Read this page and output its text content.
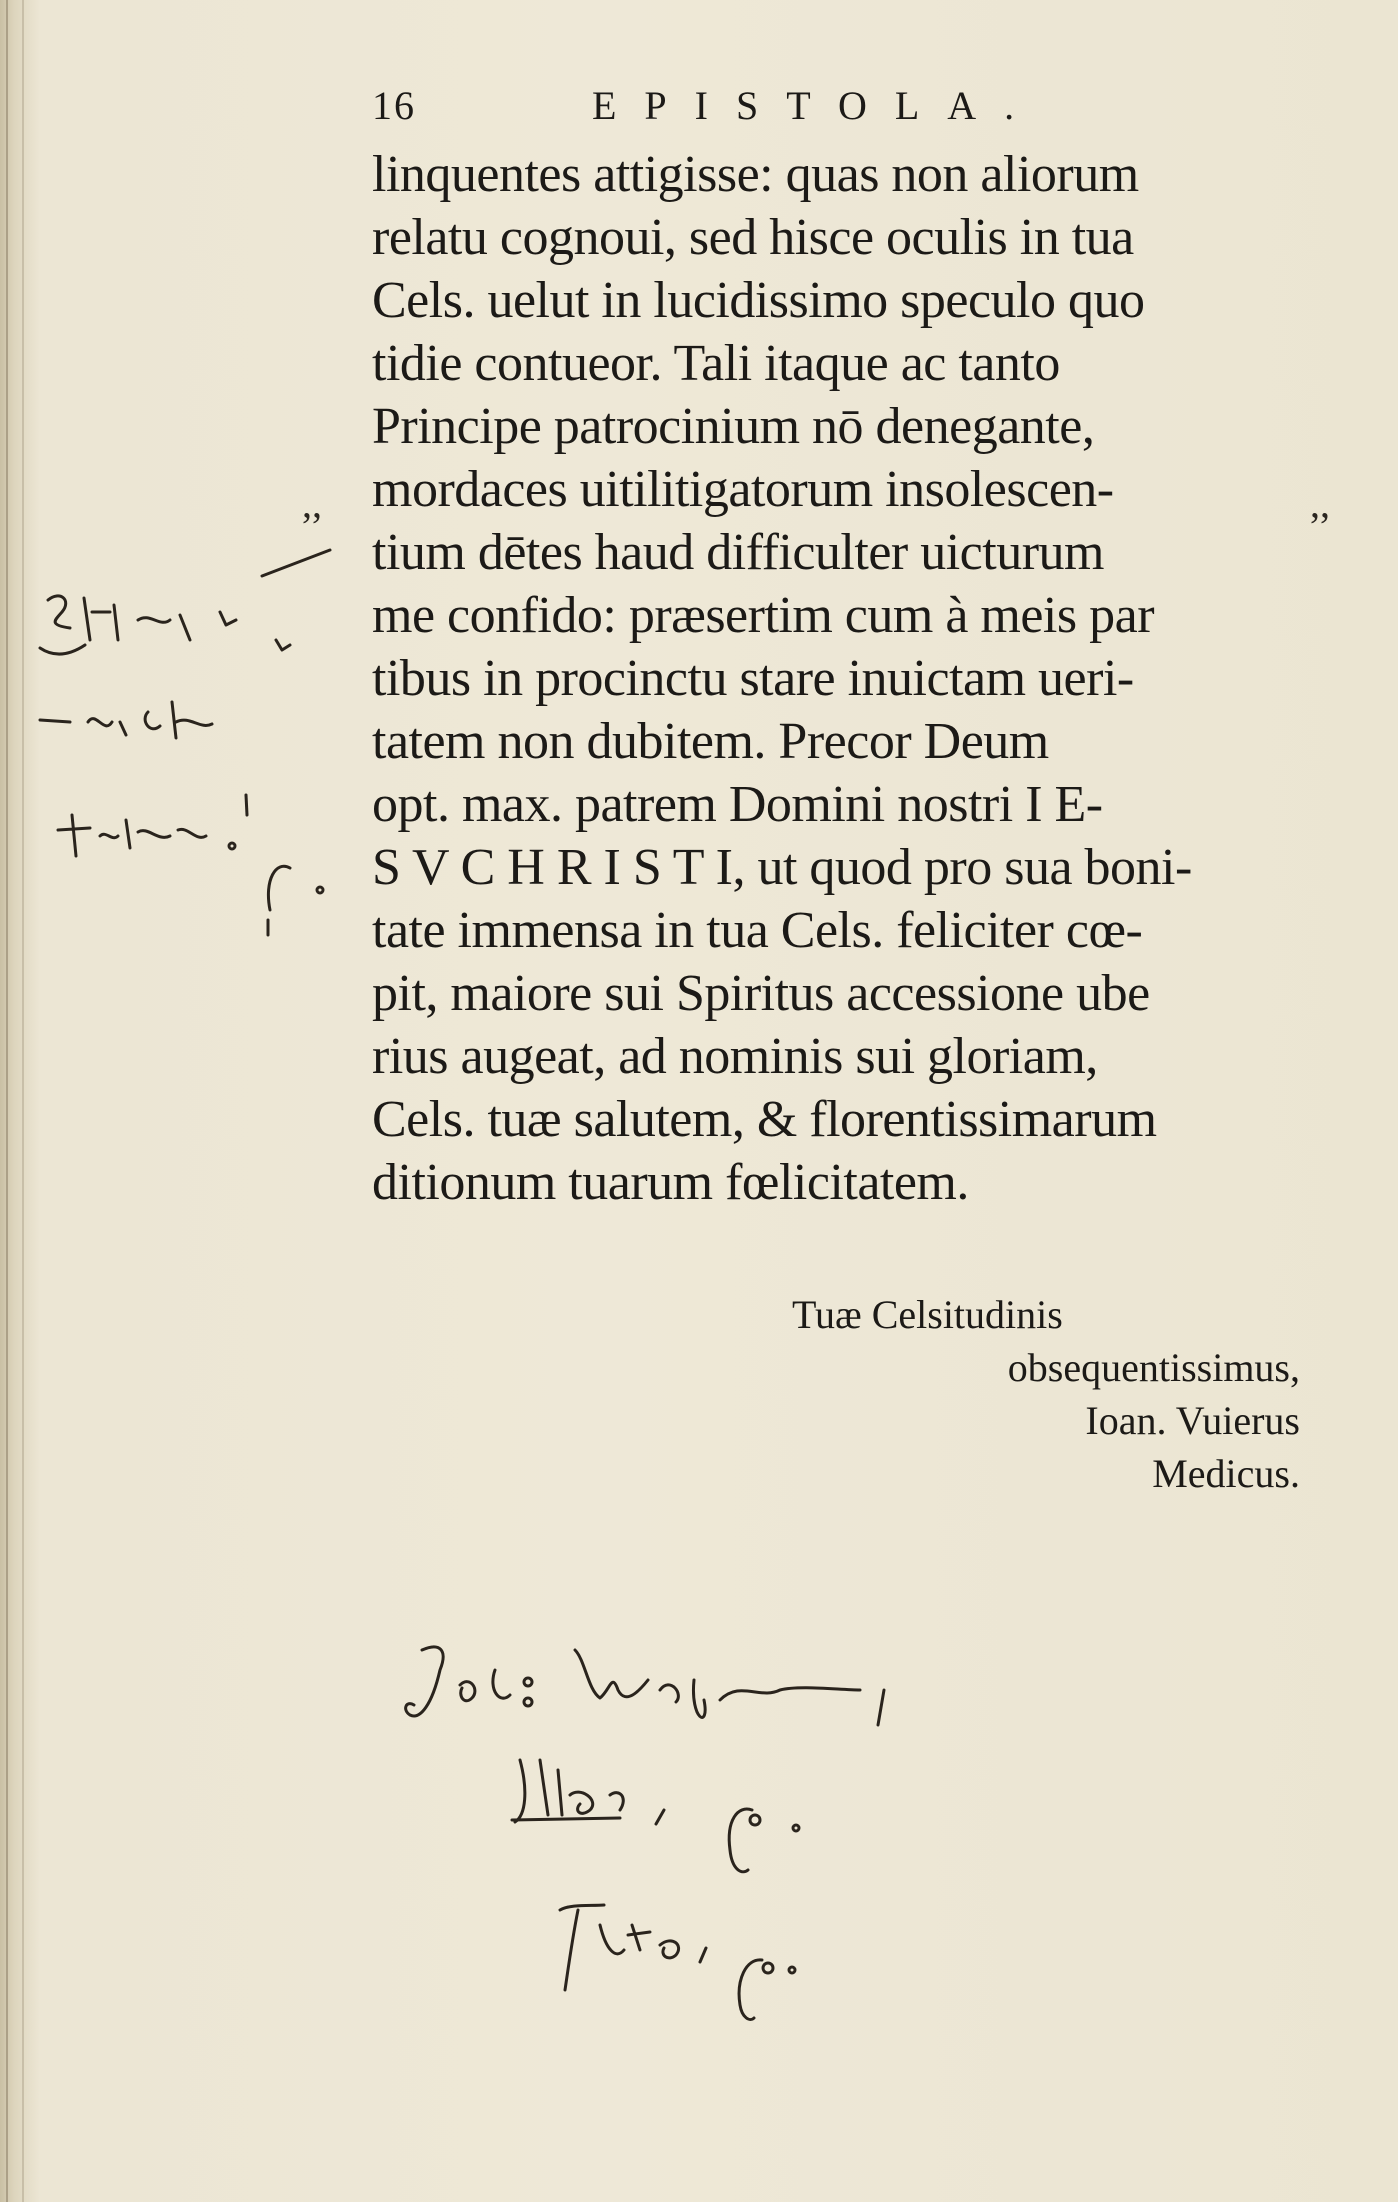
16	EPISTOLA.
linquentes attigisse: quas non aliorum
relatu cognoui, sed hisce oculis in tua
Cels. uelut in lucidissimo speculo quo
tidie contueor. Tali itaque ac tanto
Principe patrocinium nō denegante,
mordaces uitilitigatorum insolescen-
tium dētes haud difficulter uicturum
me confido: præsertim cum à meis par
tibus in procinctu stare inuictam ueri-
tatem non dubitem. Precor Deum
opt. max. patrem Domini nostri I E-
S V C H R I S T I, ut quod pro sua boni-
tate immensa in tua Cels. feliciter cœ-
pit, maiore sui Spiritus accessione ube
rius augeat, ad nominis sui gloriam,
Cels. tuæ salutem, & florentissimarum
ditionum tuarum fœlicitatem.
Tuæ Celsitudinis
obsequentissimus,
Ioan. Vuierus
Medicus.
,,	,,
